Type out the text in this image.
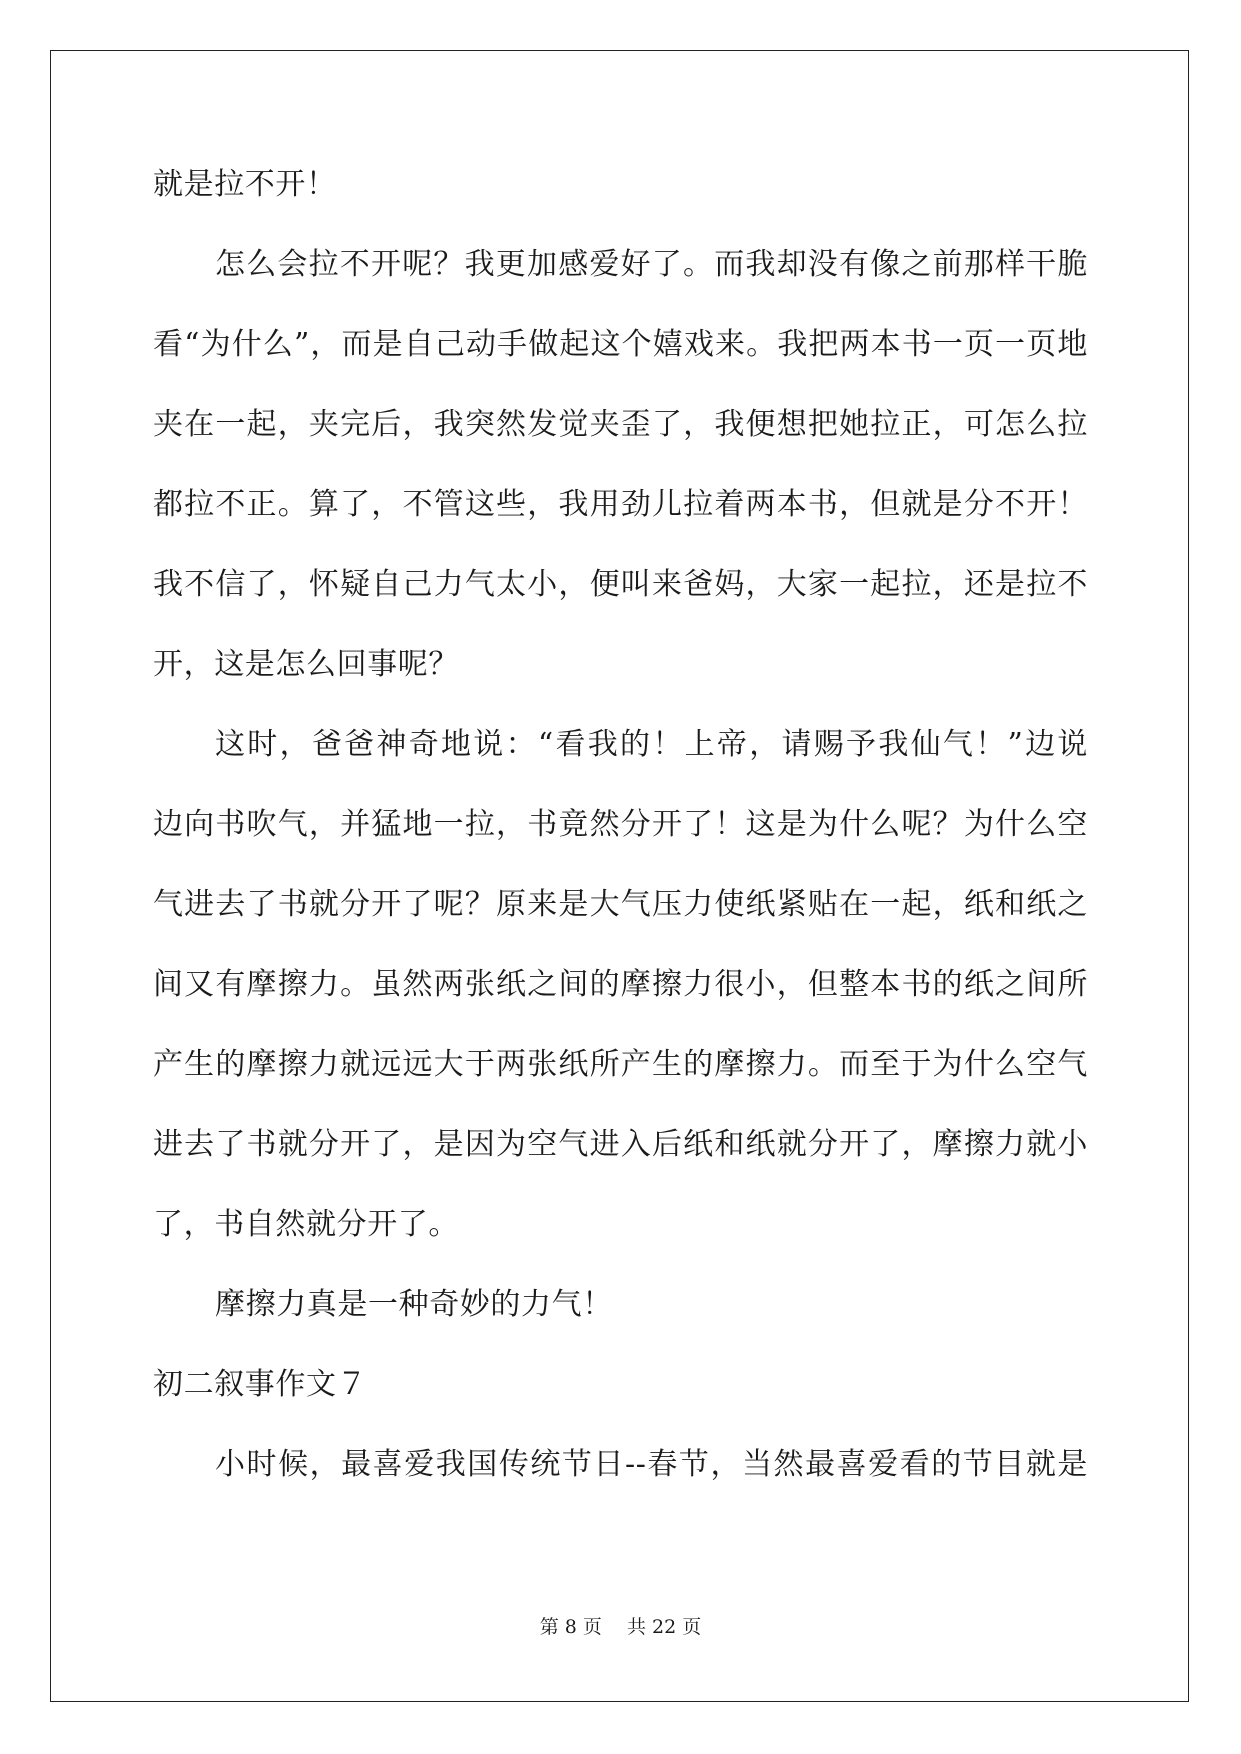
就是拉不开！
怎么会拉不开呢？我更加感爱好了。而我却没有像之前那样干脆
看“为什么”，而是自己动手做起这个嬉戏来。我把两本书一页一页地
夹在一起，夹完后，我突然发觉夹歪了，我便想把她拉正，可怎么拉
都拉不正。算了，不管这些，我用劲儿拉着两本书，但就是分不开！
我不信了，怀疑自己力气太小，便叫来爸妈，大家一起拉，还是拉不
开，这是怎么回事呢？
这时，爸爸神奇地说：“看我的！上帝，请赐予我仙气！”边说
边向书吹气，并猛地一拉，书竟然分开了！这是为什么呢？为什么空
气进去了书就分开了呢？原来是大气压力使纸紧贴在一起，纸和纸之
间又有摩擦力。虽然两张纸之间的摩擦力很小，但整本书的纸之间所
产生的摩擦力就远远大于两张纸所产生的摩擦力。而至于为什么空气
进去了书就分开了，是因为空气进入后纸和纸就分开了，摩擦力就小
了，书自然就分开了。
摩擦力真是一种奇妙的力气！
初二叙事作文７
小时候，最喜爱我国传统节日--春节，当然最喜爱看的节目就是
第 8 页　 共 22 页
